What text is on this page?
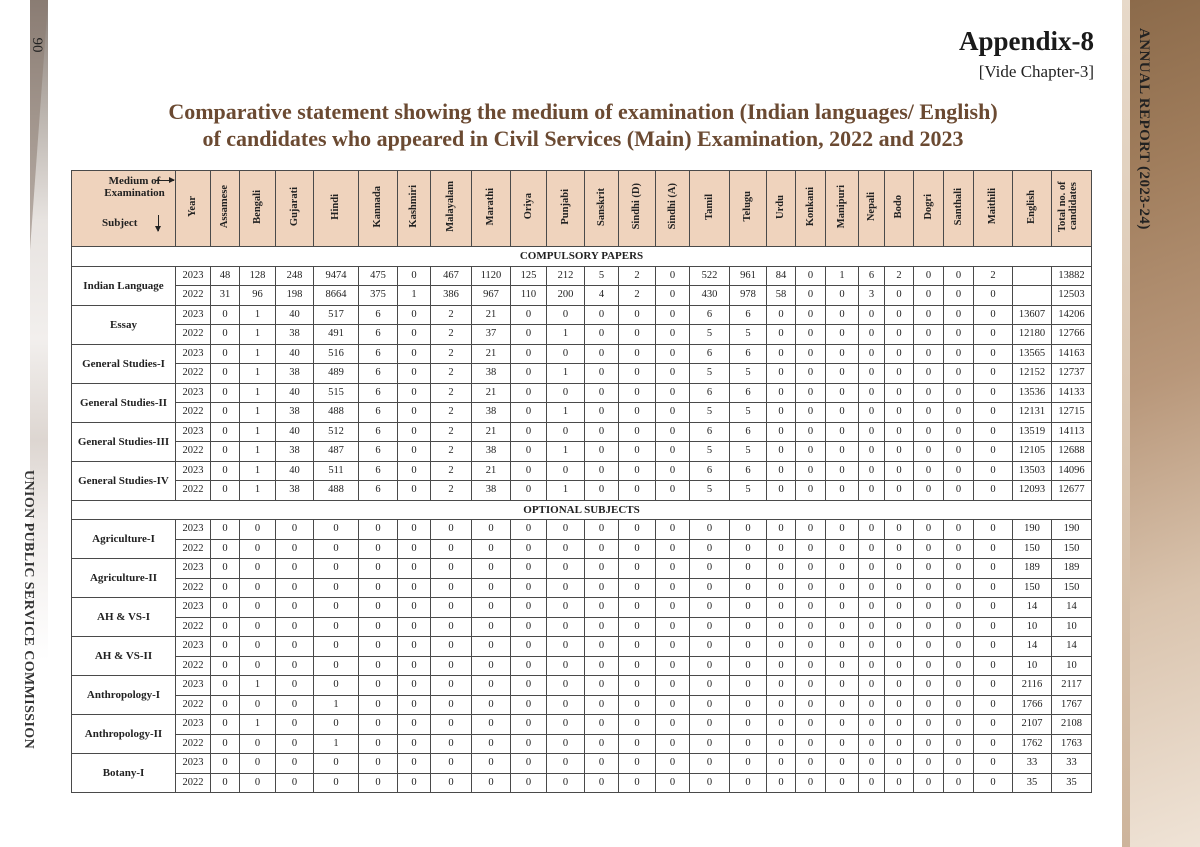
90
UNION PUBLIC SERVICE COMMISSION
ANNUAL REPORT (2023-24)
Appendix-8
[Vide Chapter-3]
Comparative statement showing the medium of examination (Indian languages/ English)
of candidates who appeared in Civil Services (Main) Examination, 2022 and 2023
Medium of Examination
Subject	Year	Assamese	Bengali	Gujarati	Hindi	Kannada	Kashmiri	Malayalam	Marathi	Oriya	Punjabi	Sanskrit	Sindhi (D)	Sindhi (A)	Tamil	Telugu	Urdu	Konkani	Manipuri	Nepali	Bodo	Dogri	Santhali	Maithili	English	Total no. of candidates
COMPULSORY PAPERS																										
Indian Language	2023	48	128	248	9474	475	0	467	1120	125	212	5	2	0	522	961	84	0	1	6	2	0	0	2		13882
	2022	31	96	198	8664	375	1	386	967	110	200	4	2	0	430	978	58	0	0	3	0	0	0	0		12503
Essay	2023	0	1	40	517	6	0	2	21	0	0	0	0	0	6	6	0	0	0	0	0	0	0	0	13607	14206
	2022	0	1	38	491	6	0	2	37	0	1	0	0	0	5	5	0	0	0	0	0	0	0	0	12180	12766
General Studies-I	2023	0	1	40	516	6	0	2	21	0	0	0	0	0	6	6	0	0	0	0	0	0	0	0	13565	14163
	2022	0	1	38	489	6	0	2	38	0	1	0	0	0	5	5	0	0	0	0	0	0	0	0	12152	12737
General Studies-II	2023	0	1	40	515	6	0	2	21	0	0	0	0	0	6	6	0	0	0	0	0	0	0	0	13536	14133
	2022	0	1	38	488	6	0	2	38	0	1	0	0	0	5	5	0	0	0	0	0	0	0	0	12131	12715
General Studies-III	2023	0	1	40	512	6	0	2	21	0	0	0	0	0	6	6	0	0	0	0	0	0	0	0	13519	14113
	2022	0	1	38	487	6	0	2	38	0	1	0	0	0	5	5	0	0	0	0	0	0	0	0	12105	12688
General Studies-IV	2023	0	1	40	511	6	0	2	21	0	0	0	0	0	6	6	0	0	0	0	0	0	0	0	13503	14096
	2022	0	1	38	488	6	0	2	38	0	1	0	0	0	5	5	0	0	0	0	0	0	0	0	12093	12677
OPTIONAL SUBJECTS																										
Agriculture-I	2023	0	0	0	0	0	0	0	0	0	0	0	0	0	0	0	0	0	0	0	0	0	0	0	190	190
	2022	0	0	0	0	0	0	0	0	0	0	0	0	0	0	0	0	0	0	0	0	0	0	0	150	150
Agriculture-II	2023	0	0	0	0	0	0	0	0	0	0	0	0	0	0	0	0	0	0	0	0	0	0	0	189	189
	2022	0	0	0	0	0	0	0	0	0	0	0	0	0	0	0	0	0	0	0	0	0	0	0	150	150
AH & VS-I	2023	0	0	0	0	0	0	0	0	0	0	0	0	0	0	0	0	0	0	0	0	0	0	0	14	14
	2022	0	0	0	0	0	0	0	0	0	0	0	0	0	0	0	0	0	0	0	0	0	0	0	10	10
AH & VS-II	2023	0	0	0	0	0	0	0	0	0	0	0	0	0	0	0	0	0	0	0	0	0	0	0	14	14
	2022	0	0	0	0	0	0	0	0	0	0	0	0	0	0	0	0	0	0	0	0	0	0	0	10	10
Anthropology-I	2023	0	1	0	0	0	0	0	0	0	0	0	0	0	0	0	0	0	0	0	0	0	0	0	2116	2117
	2022	0	0	0	1	0	0	0	0	0	0	0	0	0	0	0	0	0	0	0	0	0	0	0	1766	1767
Anthropology-II	2023	0	1	0	0	0	0	0	0	0	0	0	0	0	0	0	0	0	0	0	0	0	0	0	2107	2108
	2022	0	0	0	1	0	0	0	0	0	0	0	0	0	0	0	0	0	0	0	0	0	0	0	1762	1763
Botany-I	2023	0	0	0	0	0	0	0	0	0	0	0	0	0	0	0	0	0	0	0	0	0	0	0	33	33
	2022	0	0	0	0	0	0	0	0	0	0	0	0	0	0	0	0	0	0	0	0	0	0	0	35	35
